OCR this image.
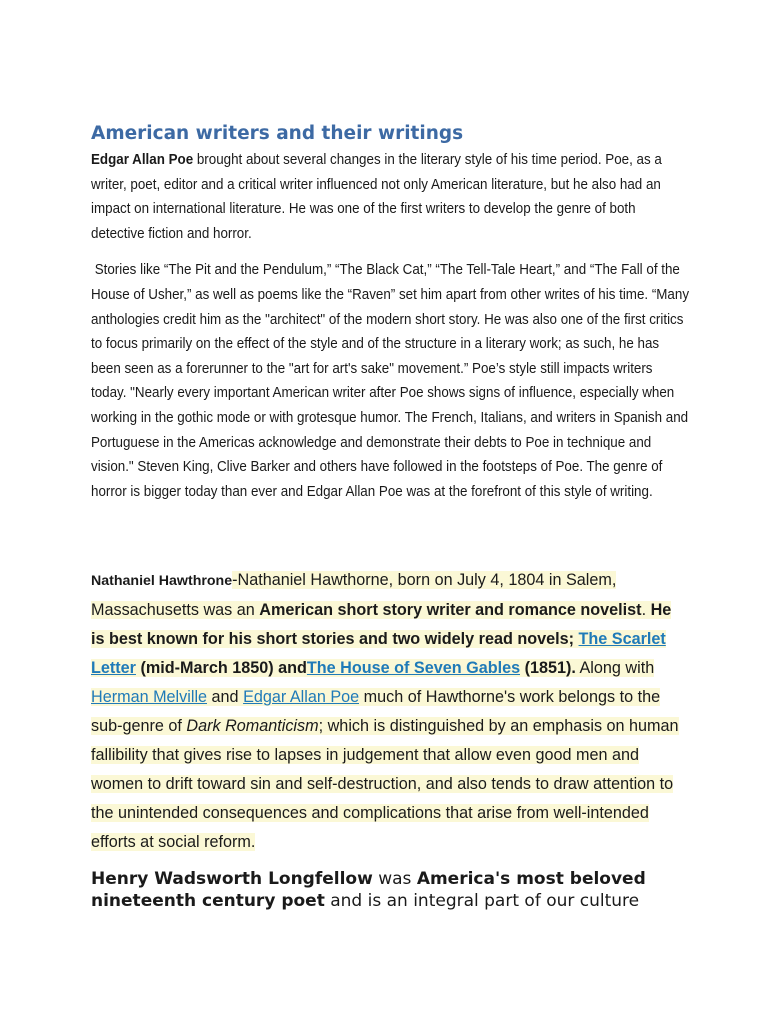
American writers and their writings

Edgar Allan Poe brought about several changes in the literary style of his time period. Poe, as a writer, poet, editor and a critical writer influenced not only American literature, but he also had an impact on international literature. He was one of the first writers to develop the genre of both detective fiction and horror.

Stories like “The Pit and the Pendulum,” “The Black Cat,” “The Tell-Tale Heart,” and “The Fall of the House of Usher,” as well as poems like the “Raven” set him apart from other writes of his time. “Many anthologies credit him as the "architect" of the modern short story. He was also one of the first critics to focus primarily on the effect of the style and of the structure in a literary work; as such, he has been seen as a forerunner to the "art for art's sake" movement.” Poe’s style still impacts writers today. "Nearly every important American writer after Poe shows signs of influence, especially when working in the gothic mode or with grotesque humor. The French, Italians, and writers in Spanish and Portuguese in the Americas acknowledge and demonstrate their debts to Poe in technique and vision." Steven King, Clive Barker and others have followed in the footsteps of Poe. The genre of horror is bigger today than ever and Edgar Allan Poe was at the forefront of this style of writing.

Nathaniel Hawthrone-Nathaniel Hawthorne, born on July 4, 1804 in Salem, Massachusetts was an American short story writer and romance novelist. He is best known for his short stories and two widely read novels; The Scarlet Letter (mid-March 1850) andThe House of Seven Gables (1851). Along with Herman Melville and Edgar Allan Poe much of Hawthorne's work belongs to the sub-genre of Dark Romanticism; which is distinguished by an emphasis on human fallibility that gives rise to lapses in judgement that allow even good men and women to drift toward sin and self-destruction, and also tends to draw attention to the unintended consequences and complications that arise from well-intended efforts at social reform.

Henry Wadsworth Longfellow was America's most beloved nineteenth century poet and is an integral part of our culture
